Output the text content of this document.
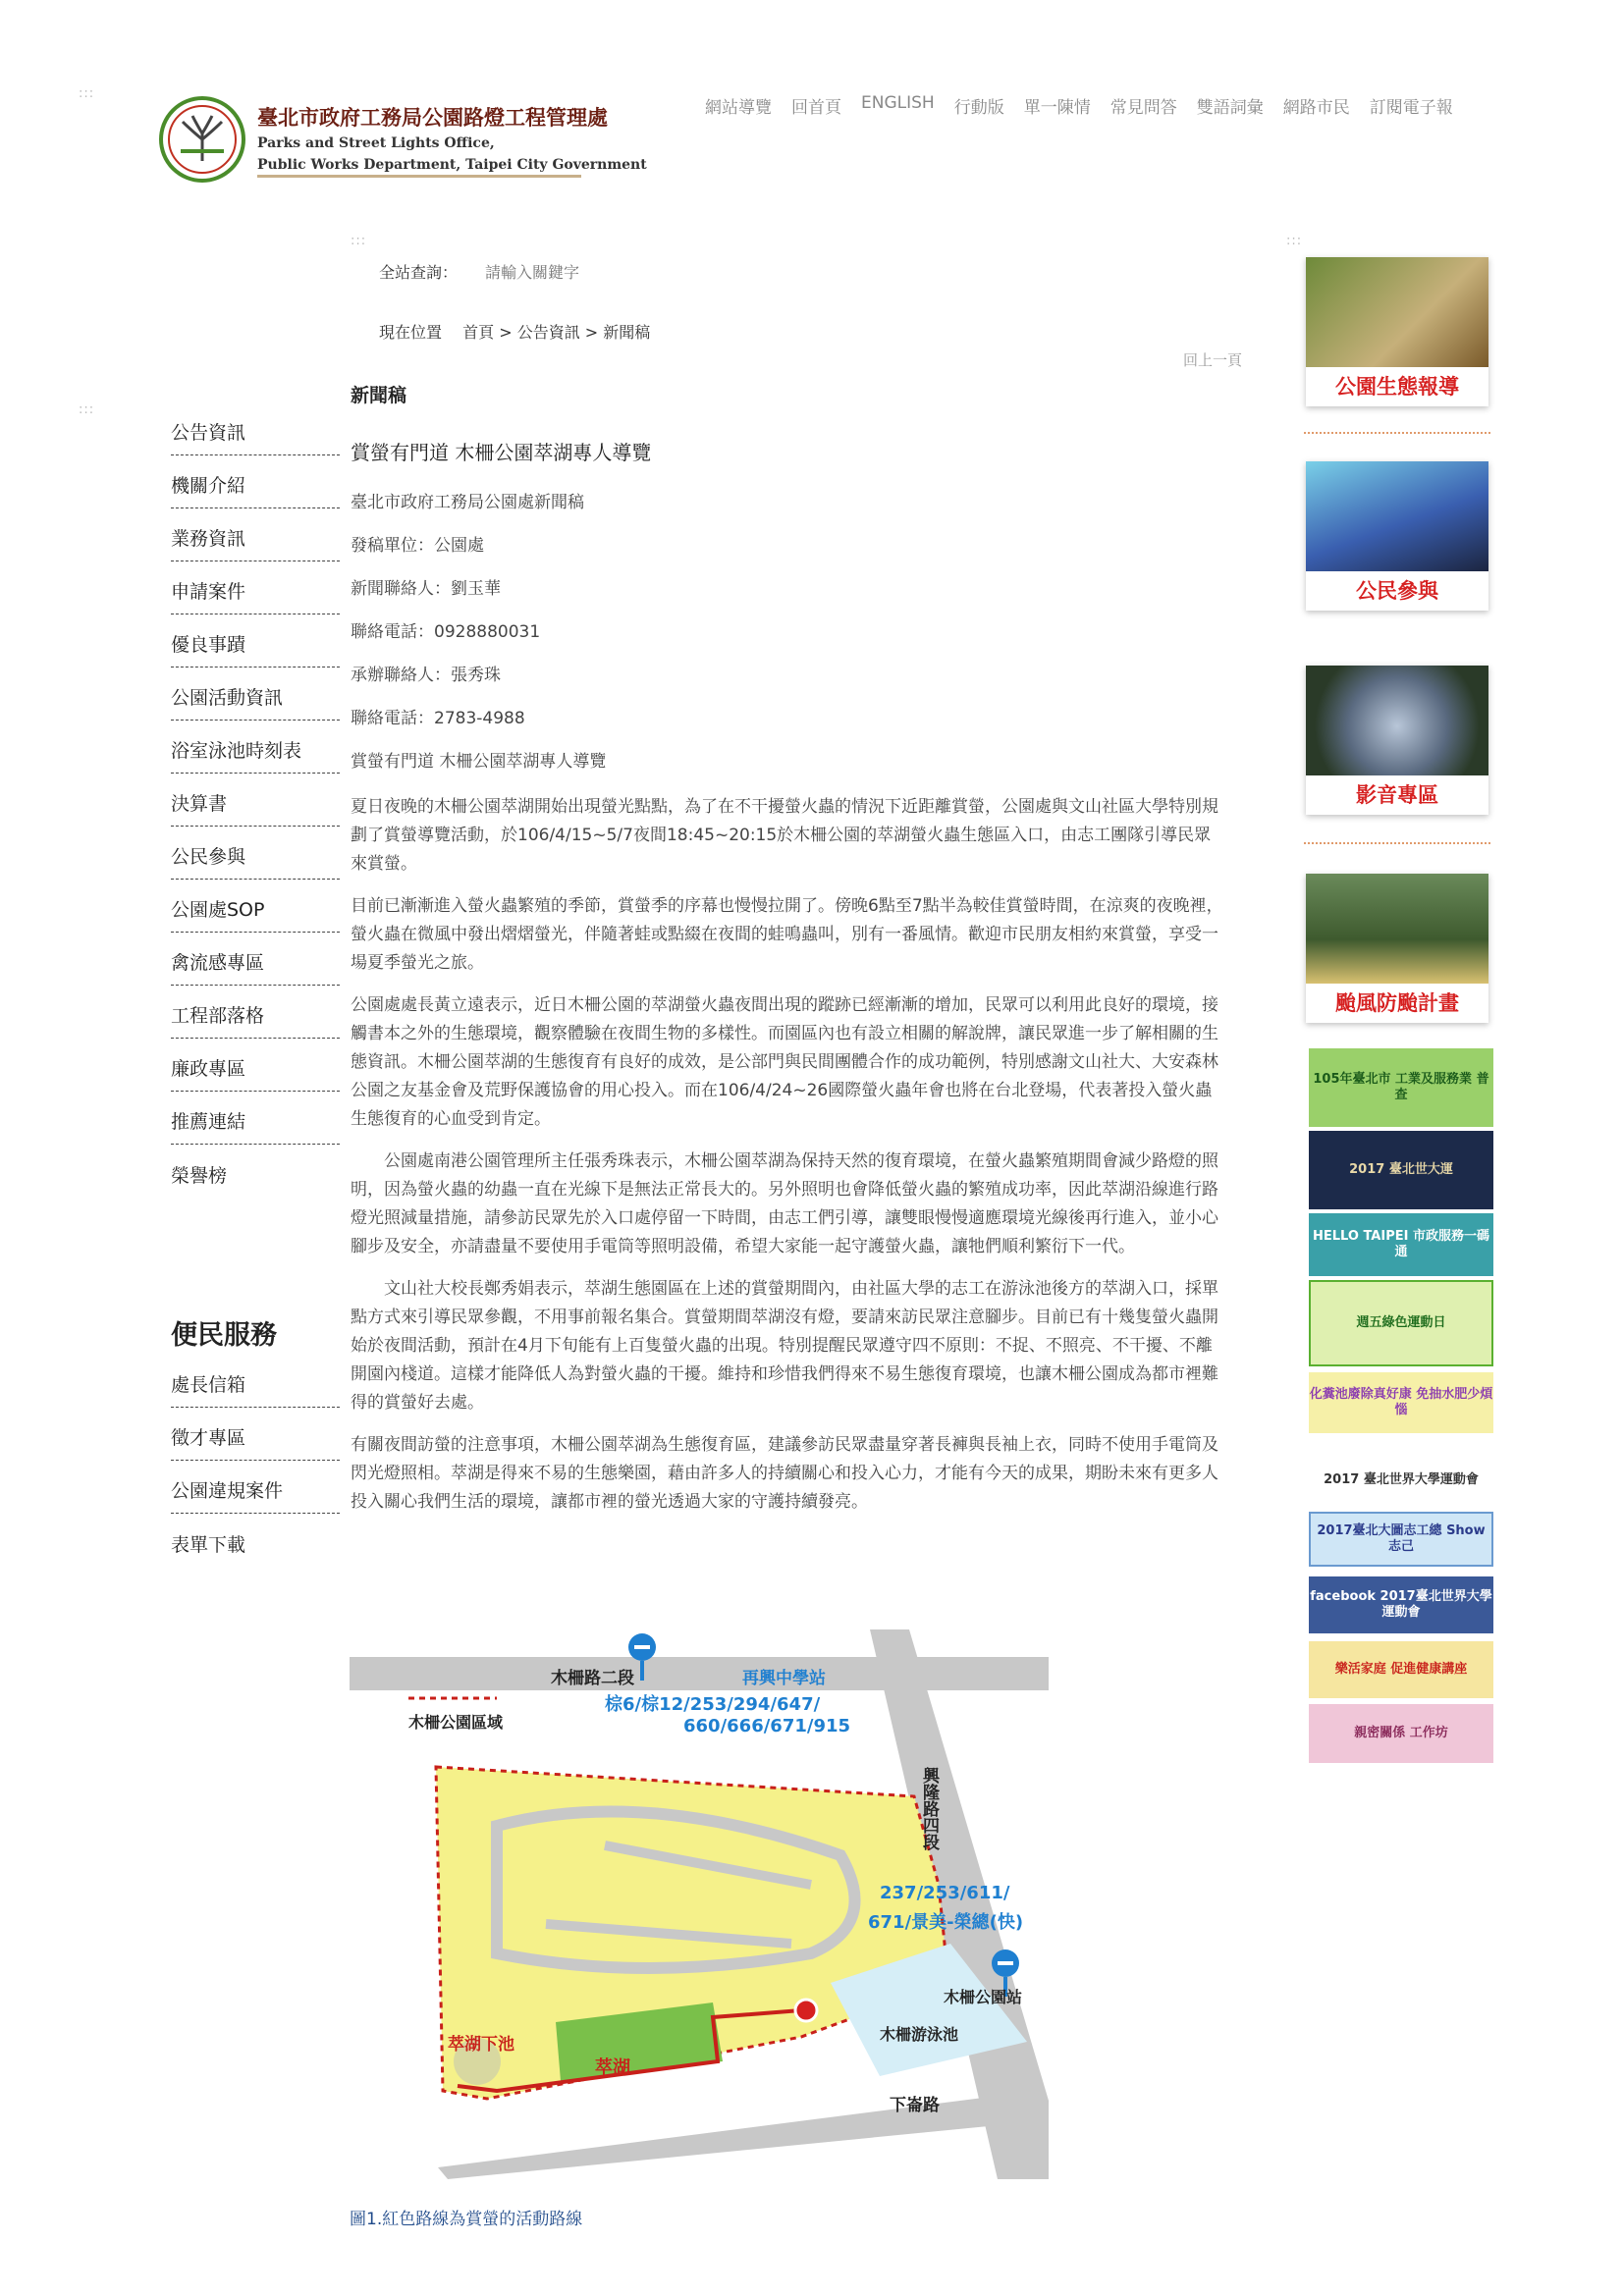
:::
:::
:::
:::
臺北市政府工務局公園路燈工程管理處
Parks and Street Lights Office,
Public Works Department, Taipei City Government
網站導覽 回首頁 ENGLISH 行動版 單一陳情 常見問答 雙語詞彙 網路市民 訂閱電子報
全站查詢：
請輸入關鍵字
現在位置 首頁 > 公告資訊 > 新聞稿
回上一頁
公告資訊
機關介紹
業務資訊
申請案件
優良事蹟
公園活動資訊
浴室泳池時刻表
決算書
公民參與
公園處SOP
禽流感專區
工程部落格
廉政專區
推薦連結
榮譽榜
便民服務
處長信箱
徵才專區
公園違規案件
表單下載
新聞稿
賞螢有門道 木柵公園萃湖專人導覽
臺北市政府工務局公園處新聞稿
發稿單位：公園處
新聞聯絡人：劉玉華
聯絡電話：0928880031
承辦聯絡人：張秀珠
聯絡電話：2783-4988
賞螢有門道 木柵公園萃湖專人導覽

夏日夜晚的木柵公園萃湖開始出現螢光點點，為了在不干擾螢火蟲的情況下近距離賞螢，公園處與文山社區大學特別規劃了賞螢導覽活動，於106/4/15~5/7夜間18:45~20:15於木柵公園的萃湖螢火蟲生態區入口，由志工團隊引導民眾來賞螢。

目前已漸漸進入螢火蟲繁殖的季節，賞螢季的序幕也慢慢拉開了。傍晚6點至7點半為較佳賞螢時間，在涼爽的夜晚裡，螢火蟲在微風中發出熠熠螢光，伴隨著蛙或點綴在夜間的蛙鳴蟲叫，別有一番風情。歡迎市民朋友相約來賞螢，享受一場夏季螢光之旅。

公園處處長黃立遠表示，近日木柵公園的萃湖螢火蟲夜間出現的蹤跡已經漸漸的增加，民眾可以利用此良好的環境，接觸書本之外的生態環境，觀察體驗在夜間生物的多樣性。而園區內也有設立相關的解說牌，讓民眾進一步了解相關的生態資訊。木柵公園萃湖的生態復育有良好的成效，是公部門與民間團體合作的成功範例，特別感謝文山社大、大安森林公園之友基金會及荒野保護協會的用心投入。而在106/4/24~26國際螢火蟲年會也將在台北登場，代表著投入螢火蟲生態復育的心血受到肯定。

　　公園處南港公園管理所主任張秀珠表示，木柵公園萃湖為保持天然的復育環境，在螢火蟲繁殖期間會減少路燈的照明，因為螢火蟲的幼蟲一直在光線下是無法正常長大的。另外照明也會降低螢火蟲的繁殖成功率，因此萃湖沿線進行路燈光照減量措施，請參訪民眾先於入口處停留一下時間，由志工們引導，讓雙眼慢慢適應環境光線後再行進入，並小心腳步及安全，亦請盡量不要使用手電筒等照明設備，希望大家能一起守護螢火蟲，讓牠們順利繁衍下一代。

　　文山社大校長鄭秀娟表示，萃湖生態園區在上述的賞螢期間內，由社區大學的志工在游泳池後方的萃湖入口，採單點方式來引導民眾參觀，不用事前報名集合。賞螢期間萃湖沒有燈，要請來訪民眾注意腳步。目前已有十幾隻螢火蟲開始於夜間活動，預計在4月下旬能有上百隻螢火蟲的出現。特別提醒民眾遵守四不原則：不捉、不照亮、不干擾、不離開園內棧道。這樣才能降低人為對螢火蟲的干擾。維持和珍惜我們得來不易生態復育環境，也讓木柵公園成為都市裡難得的賞螢好去處。

有關夜間訪螢的注意事項，木柵公園萃湖為生態復育區，建議參訪民眾盡量穿著長褲與長袖上衣，同時不使用手電筒及閃光燈照相。萃湖是得來不易的生態樂園，藉由許多人的持續關心和投入心力，才能有今天的成果，期盼未來有更多人投入關心我們生活的環境，讓都市裡的螢光透過大家的守護持續發亮。

木柵路二段	再興中學站
棕6/棕12/253/294/647/
660/666/671/915
木柵公園區域
興隆路四段
237/253/611/
671/景美-榮總(快)
木柵公園站
木柵游泳池
下崙路
萃湖下池
萃湖
圖1.紅色路線為賞螢的活動路線
公園生態報導
公民參與
影音專區
颱風防颱計畫
105年臺北市 工業及服務業 普查
2017 臺北世大運
HELLO TAIPEI 市政服務一碼通
週五綠色運動日
化糞池廢除真好康 免抽水肥少煩惱
2017 臺北世界大學運動會
2017臺北大圖志工總 Show志己
facebook 2017臺北世界大學運動會
樂活家庭 促進健康講座
親密關係 工作坊
